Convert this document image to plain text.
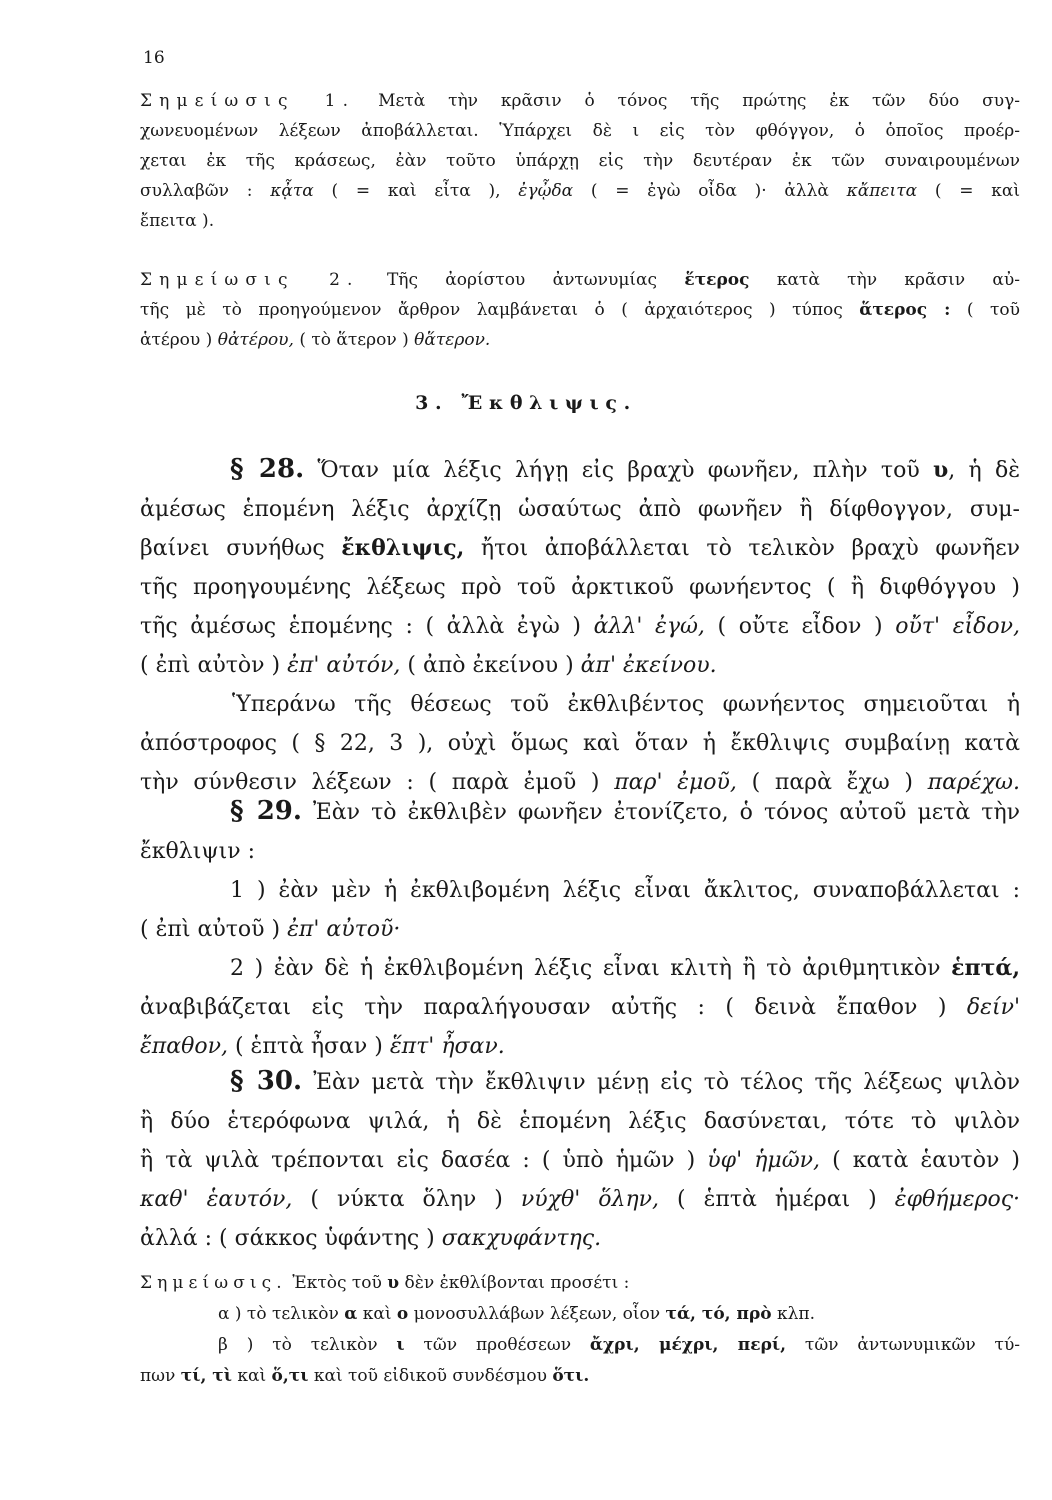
16
Σημείωσις 1. Μετὰ τὴν κρᾶσιν ὁ τόνος τῆς πρώτης ἐκ τῶν δύο συγ-
χωνευομένων λέξεων ἀποβάλλεται. Ὑπάρχει δὲ ι εἰς τὸν φθόγγον, ὁ ὁποῖος προέρ-
χεται ἐκ τῆς κράσεως, ἐὰν τοῦτο ὑπάρχῃ εἰς τὴν δευτέραν ἐκ τῶν συναιρουμένων
συλλαβῶν : κᾆτα ( = καὶ εἶτα ), ἐγᾦδα ( = ἐγὼ οἶδα )· ἀλλὰ κἄπειτα ( = καὶ
ἔπειτα ).
Σημείωσις 2. Τῆς ἀορίστου ἀντωνυμίας ἕτερος κατὰ τὴν κρᾶσιν αὐ-
τῆς μὲ τὸ προηγούμενον ἄρθρον λαμβάνεται ὁ ( ἀρχαιότερος ) τύπος ἅτερος : ( τοῦ
ἁτέρου ) θἀτέρου, ( τὸ ἅτερον ) θἅτερον.
3. Ἔκθλιψις.
§ 28. Ὅταν μία λέξις λήγῃ εἰς βραχὺ φωνῆεν, πλὴν τοῦ υ, ἡ δὲ
ἀμέσως ἑπομένη λέξις ἀρχίζῃ ὡσαύτως ἀπὸ φωνῆεν ἢ δίφθογγον, συμ-
βαίνει συνήθως ἔκθλιψις, ἤτοι ἀποβάλλεται τὸ τελικὸν βραχὺ φωνῆεν
τῆς προηγουμένης λέξεως πρὸ τοῦ ἀρκτικοῦ φωνήεντος ( ἢ διφθόγγου )
τῆς ἀμέσως ἑπομένης : ( ἀλλὰ ἐγὼ ) ἀλλ' ἐγώ, ( οὔτε εἶδον ) οὔτ' εἶδον,
( ἐπὶ αὐτὸν ) ἐπ' αὐτόν, ( ἀπὸ ἐκείνου ) ἀπ' ἐκείνου.
Ὑπεράνω τῆς θέσεως τοῦ ἐκθλιβέντος φωνήεντος σημειοῦται ἡ
ἀπόστροφος ( § 22, 3 ), οὐχὶ ὅμως καὶ ὅταν ἡ ἔκθλιψις συμβαίνῃ κατὰ
τὴν σύνθεσιν λέξεων : ( παρὰ ἐμοῦ ) παρ' ἐμοῦ, ( παρὰ ἔχω ) παρέχω.
§ 29. Ἐὰν τὸ ἐκθλιβὲν φωνῆεν ἐτονίζετο, ὁ τόνος αὐτοῦ μετὰ τὴν
ἔκθλιψιν :
1 ) ἐὰν μὲν ἡ ἐκθλιβομένη λέξις εἶναι ἄκλιτος, συναποβάλλεται :
( ἐπὶ αὐτοῦ ) ἐπ' αὐτοῦ·
2 ) ἐὰν δὲ ἡ ἐκθλιβομένη λέξις εἶναι κλιτὴ ἢ τὸ ἀριθμητικὸν ἑπτά,
ἀναβιβάζεται εἰς τὴν παραλήγουσαν αὐτῆς : ( δεινὰ ἔπαθον ) δείν'
ἔπαθον, ( ἑπτὰ ἦσαν ) ἕπτ' ἦσαν.
§ 30. Ἐὰν μετὰ τὴν ἔκθλιψιν μένῃ εἰς τὸ τέλος τῆς λέξεως ψιλὸν
ἢ δύο ἑτερόφωνα ψιλά, ἡ δὲ ἑπομένη λέξις δασύνεται, τότε τὸ ψιλὸν
ἢ τὰ ψιλὰ τρέπονται εἰς δασέα : ( ὑπὸ ἡμῶν ) ὑφ' ἡμῶν, ( κατὰ ἑαυτὸν )
καθ' ἑαυτόν, ( νύκτα ὅλην ) νύχθ' ὅλην, ( ἑπτὰ ἡμέραι ) ἐφθήμερος·
ἀλλά : ( σάκκος ὑφάντης ) σακχυφάντης.
Σημείωσις. Ἐκτὸς τοῦ υ δὲν ἐκθλίβονται προσέτι :
α ) τὸ τελικὸν α καὶ ο μονοσυλλάβων λέξεων, οἷον τά, τό, πρὸ κλπ.
β ) τὸ τελικὸν ι τῶν προθέσεων ἄχρι, μέχρι, περί, τῶν ἀντωνυμικῶν τύ-
πων τί, τὶ καὶ ὅ,τι καὶ τοῦ εἰδικοῦ συνδέσμου ὅτι.
